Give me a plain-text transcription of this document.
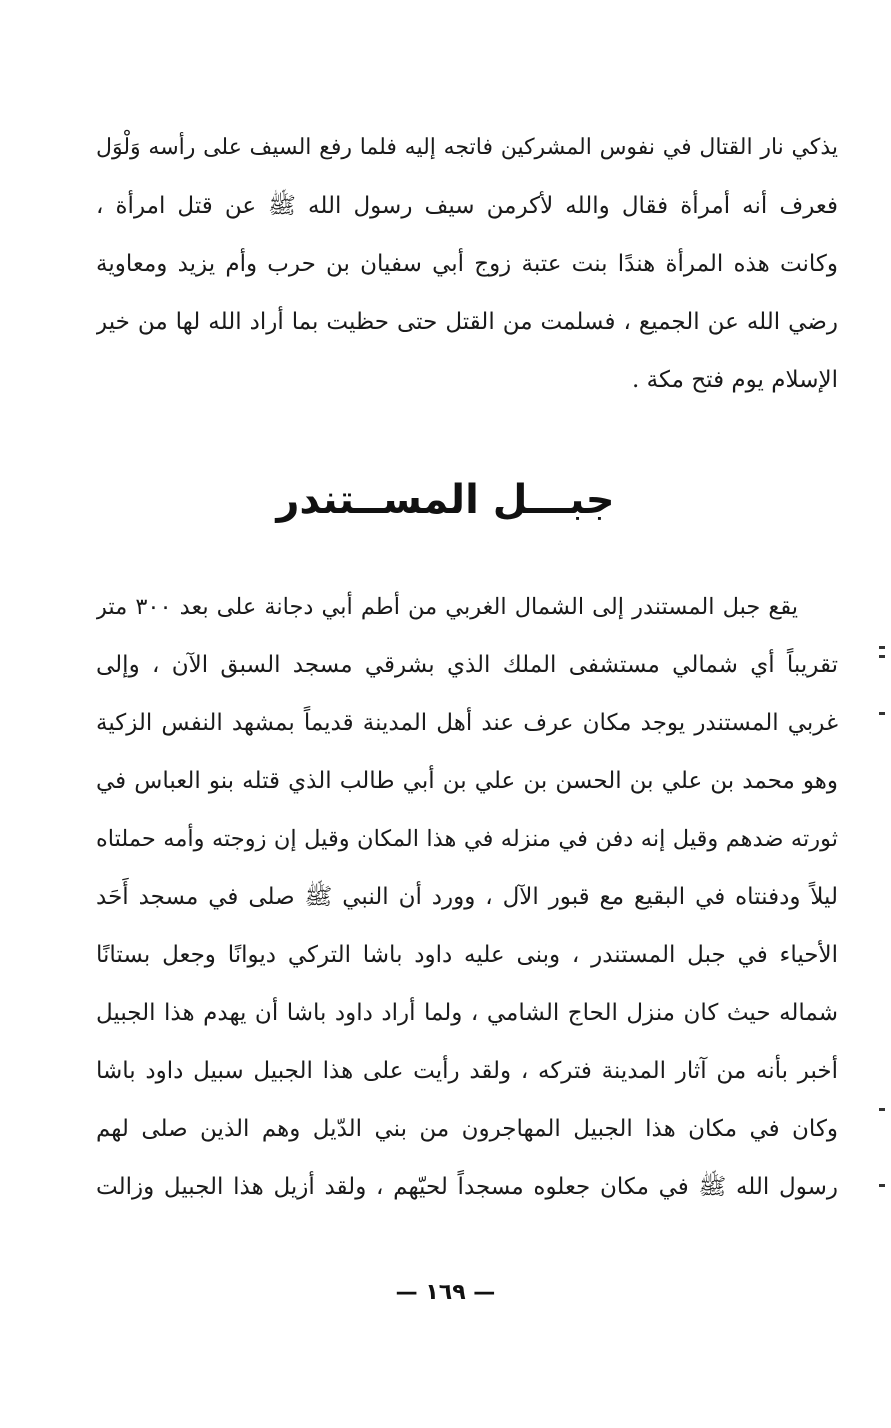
يذكي نار القتال في نفوس المشركين فاتجه إليه فلما رفع السيف على رأسه وَلْوَل
فعرف أنه أمرأة فقال والله لأكرمن سيف رسول الله ﷺ عن قتل امرأة ،
وكانت هذه المرأة هندًا بنت عتبة زوج أبي سفيان بن حرب وأم يزيد ومعاوية
رضي الله عن الجميع ، فسلمت من القتل حتى حظيت بما أراد الله لها من خير
الإسلام يوم فتح مكة .
جبـــل المســتندر
يقع جبل المستندر إلى الشمال الغربي من أطم أبي دجانة على بعد ٣٠٠ متر
تقريباً أي شمالي مستشفى الملك الذي بشرقي مسجد السبق الآن ، وإلى
غربي المستندر يوجد مكان عرف عند أهل المدينة قديماً بمشهد النفس الزكية
وهو محمد بن علي بن الحسن بن علي بن أبي طالب الذي قتله بنو العباس في
ثورته ضدهم وقيل إنه دفن في منزله في هذا المكان وقيل إن زوجته وأمه حملتاه
ليلاً ودفنتاه في البقيع مع قبور الآل ، وورد أن النبي ﷺ صلى في مسجد أَحَد
الأحياء في جبل المستندر ، وبنى عليه داود باشا التركي ديوانًا وجعل بستانًا
شماله حيث كان منزل الحاج الشامي ، ولما أراد داود باشا أن يهدم هذا الجبيل
أخبر بأنه من آثار المدينة فتركه ، ولقد رأيت على هذا الجبيل سبيل داود باشا
وكان في مكان هذا الجبيل المهاجرون من بني الدّيل وهم الذين صلى لهم
رسول الله ﷺ في مكان جعلوه مسجداً لحيّهم ، ولقد أزيل هذا الجبيل وزالت
— ١٦٩ —
